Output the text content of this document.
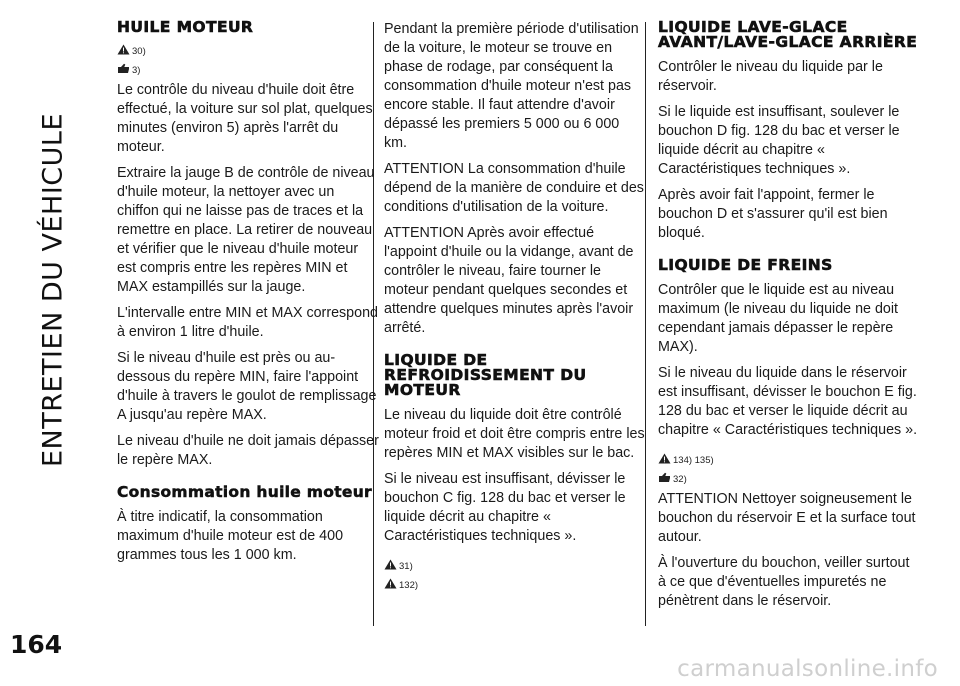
ENTRETIEN DU VÉHICULE
164
HUILE MOTEUR
30)
3)

Le contrôle du niveau d'huile doit être effectué, la voiture sur sol plat, quelques minutes (environ 5) après l'arrêt du moteur.

Extraire la jauge B de contrôle de niveau d'huile moteur, la nettoyer avec un chiffon qui ne laisse pas de traces et la remettre en place. La retirer de nouveau et vérifier que le niveau d'huile moteur est compris entre les repères MIN et MAX estampillés sur la jauge.

L'intervalle entre MIN et MAX correspond à environ 1 litre d'huile.

Si le niveau d'huile est près ou au-dessous du repère MIN, faire l'appoint d'huile à travers le goulot de remplissage A jusqu'au repère MAX.

Le niveau d'huile ne doit jamais dépasser le repère MAX.

Consommation huile moteur

À titre indicatif, la consommation maximum d'huile moteur est de 400 grammes tous les 1 000 km.

Pendant la première période d'utilisation de la voiture, le moteur se trouve en phase de rodage, par conséquent la consommation d'huile moteur n'est pas encore stable. Il faut attendre d'avoir dépassé les premiers 5 000 ou 6 000 km.

ATTENTION La consommation d'huile dépend de la manière de conduire et des conditions d'utilisation de la voiture.

ATTENTION Après avoir effectué l'appoint d'huile ou la vidange, avant de contrôler le niveau, faire tourner le moteur pendant quelques secondes et attendre quelques minutes après l'avoir arrêté.

LIQUIDE DE REFROIDISSEMENT DU MOTEUR

Le niveau du liquide doit être contrôlé moteur froid et doit être compris entre les repères MIN et MAX visibles sur le bac.

Si le niveau est insuffisant, dévisser le bouchon C fig. 128 du bac et verser le liquide décrit au chapitre « Caractéristiques techniques ».

31)
132)
LIQUIDE LAVE-GLACE AVANT/LAVE-GLACE ARRIÈRE

Contrôler le niveau du liquide par le réservoir.

Si le liquide est insuffisant, soulever le bouchon D fig. 128 du bac et verser le liquide décrit au chapitre « Caractéristiques techniques ».

Après avoir fait l'appoint, fermer le bouchon D et s'assurer qu'il est bien bloqué.

LIQUIDE DE FREINS

Contrôler que le liquide est au niveau maximum (le niveau du liquide ne doit cependant jamais dépasser le repère MAX).

Si le niveau du liquide dans le réservoir est insuffisant, dévisser le bouchon E fig. 128 du bac et verser le liquide décrit au chapitre « Caractéristiques techniques ».

134) 135)
32)

ATTENTION Nettoyer soigneusement le bouchon du réservoir E et la surface tout autour.

À l'ouverture du bouchon, veiller surtout à ce que d'éventuelles impuretés ne pénètrent dans le réservoir.

carmanualsonline.info
